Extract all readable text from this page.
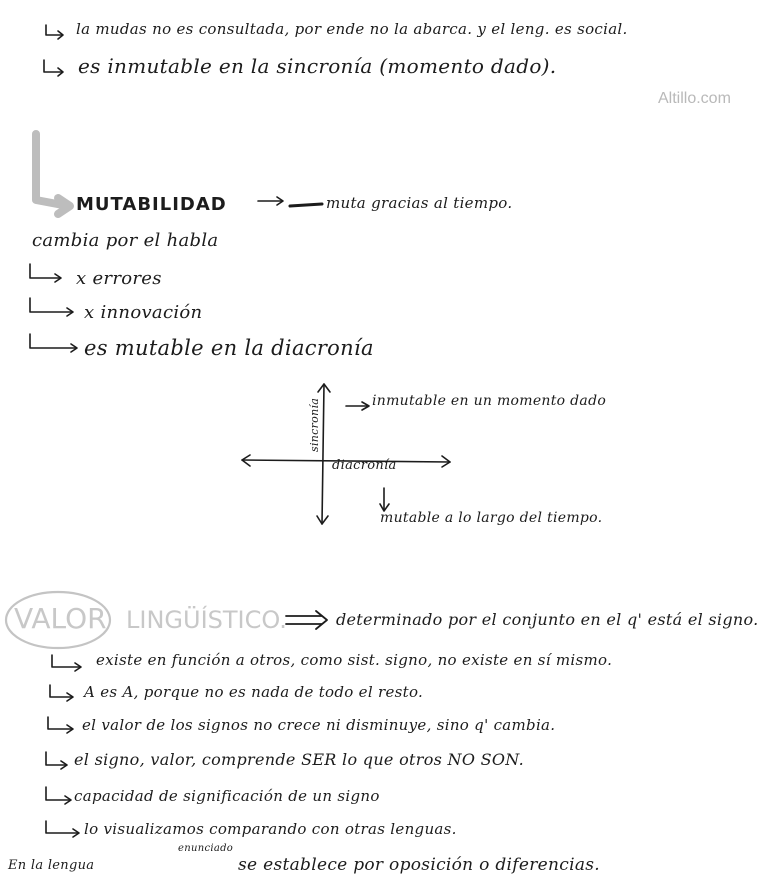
Altillo.com
la mudas no es consultada, por ende no la abarca. y el leng. es social.
es inmutable en la sincronía (momento dado).
MUTABILIDAD	muta gracias al tiempo.
cambia por el habla
x errores
x innovación
es mutable en la diacronía
sincronía
diacronía
inmutable en un momento dado
mutable a lo largo del tiempo.
VALOR LINGÜÍSTICO.	determinado por el conjunto en el q' está el signo.
existe en función a otros, como sist. signo, no existe en sí mismo.
A es A, porque no es nada de todo el resto.
el valor de los signos no crece ni disminuye, sino q' cambia.
el signo, valor, comprende SER lo que otros NO SON.
capacidad de significación de un signo
lo visualizamos comparando con otras lenguas.
En la lengua
enunciado
se establece por oposición o diferencias.
